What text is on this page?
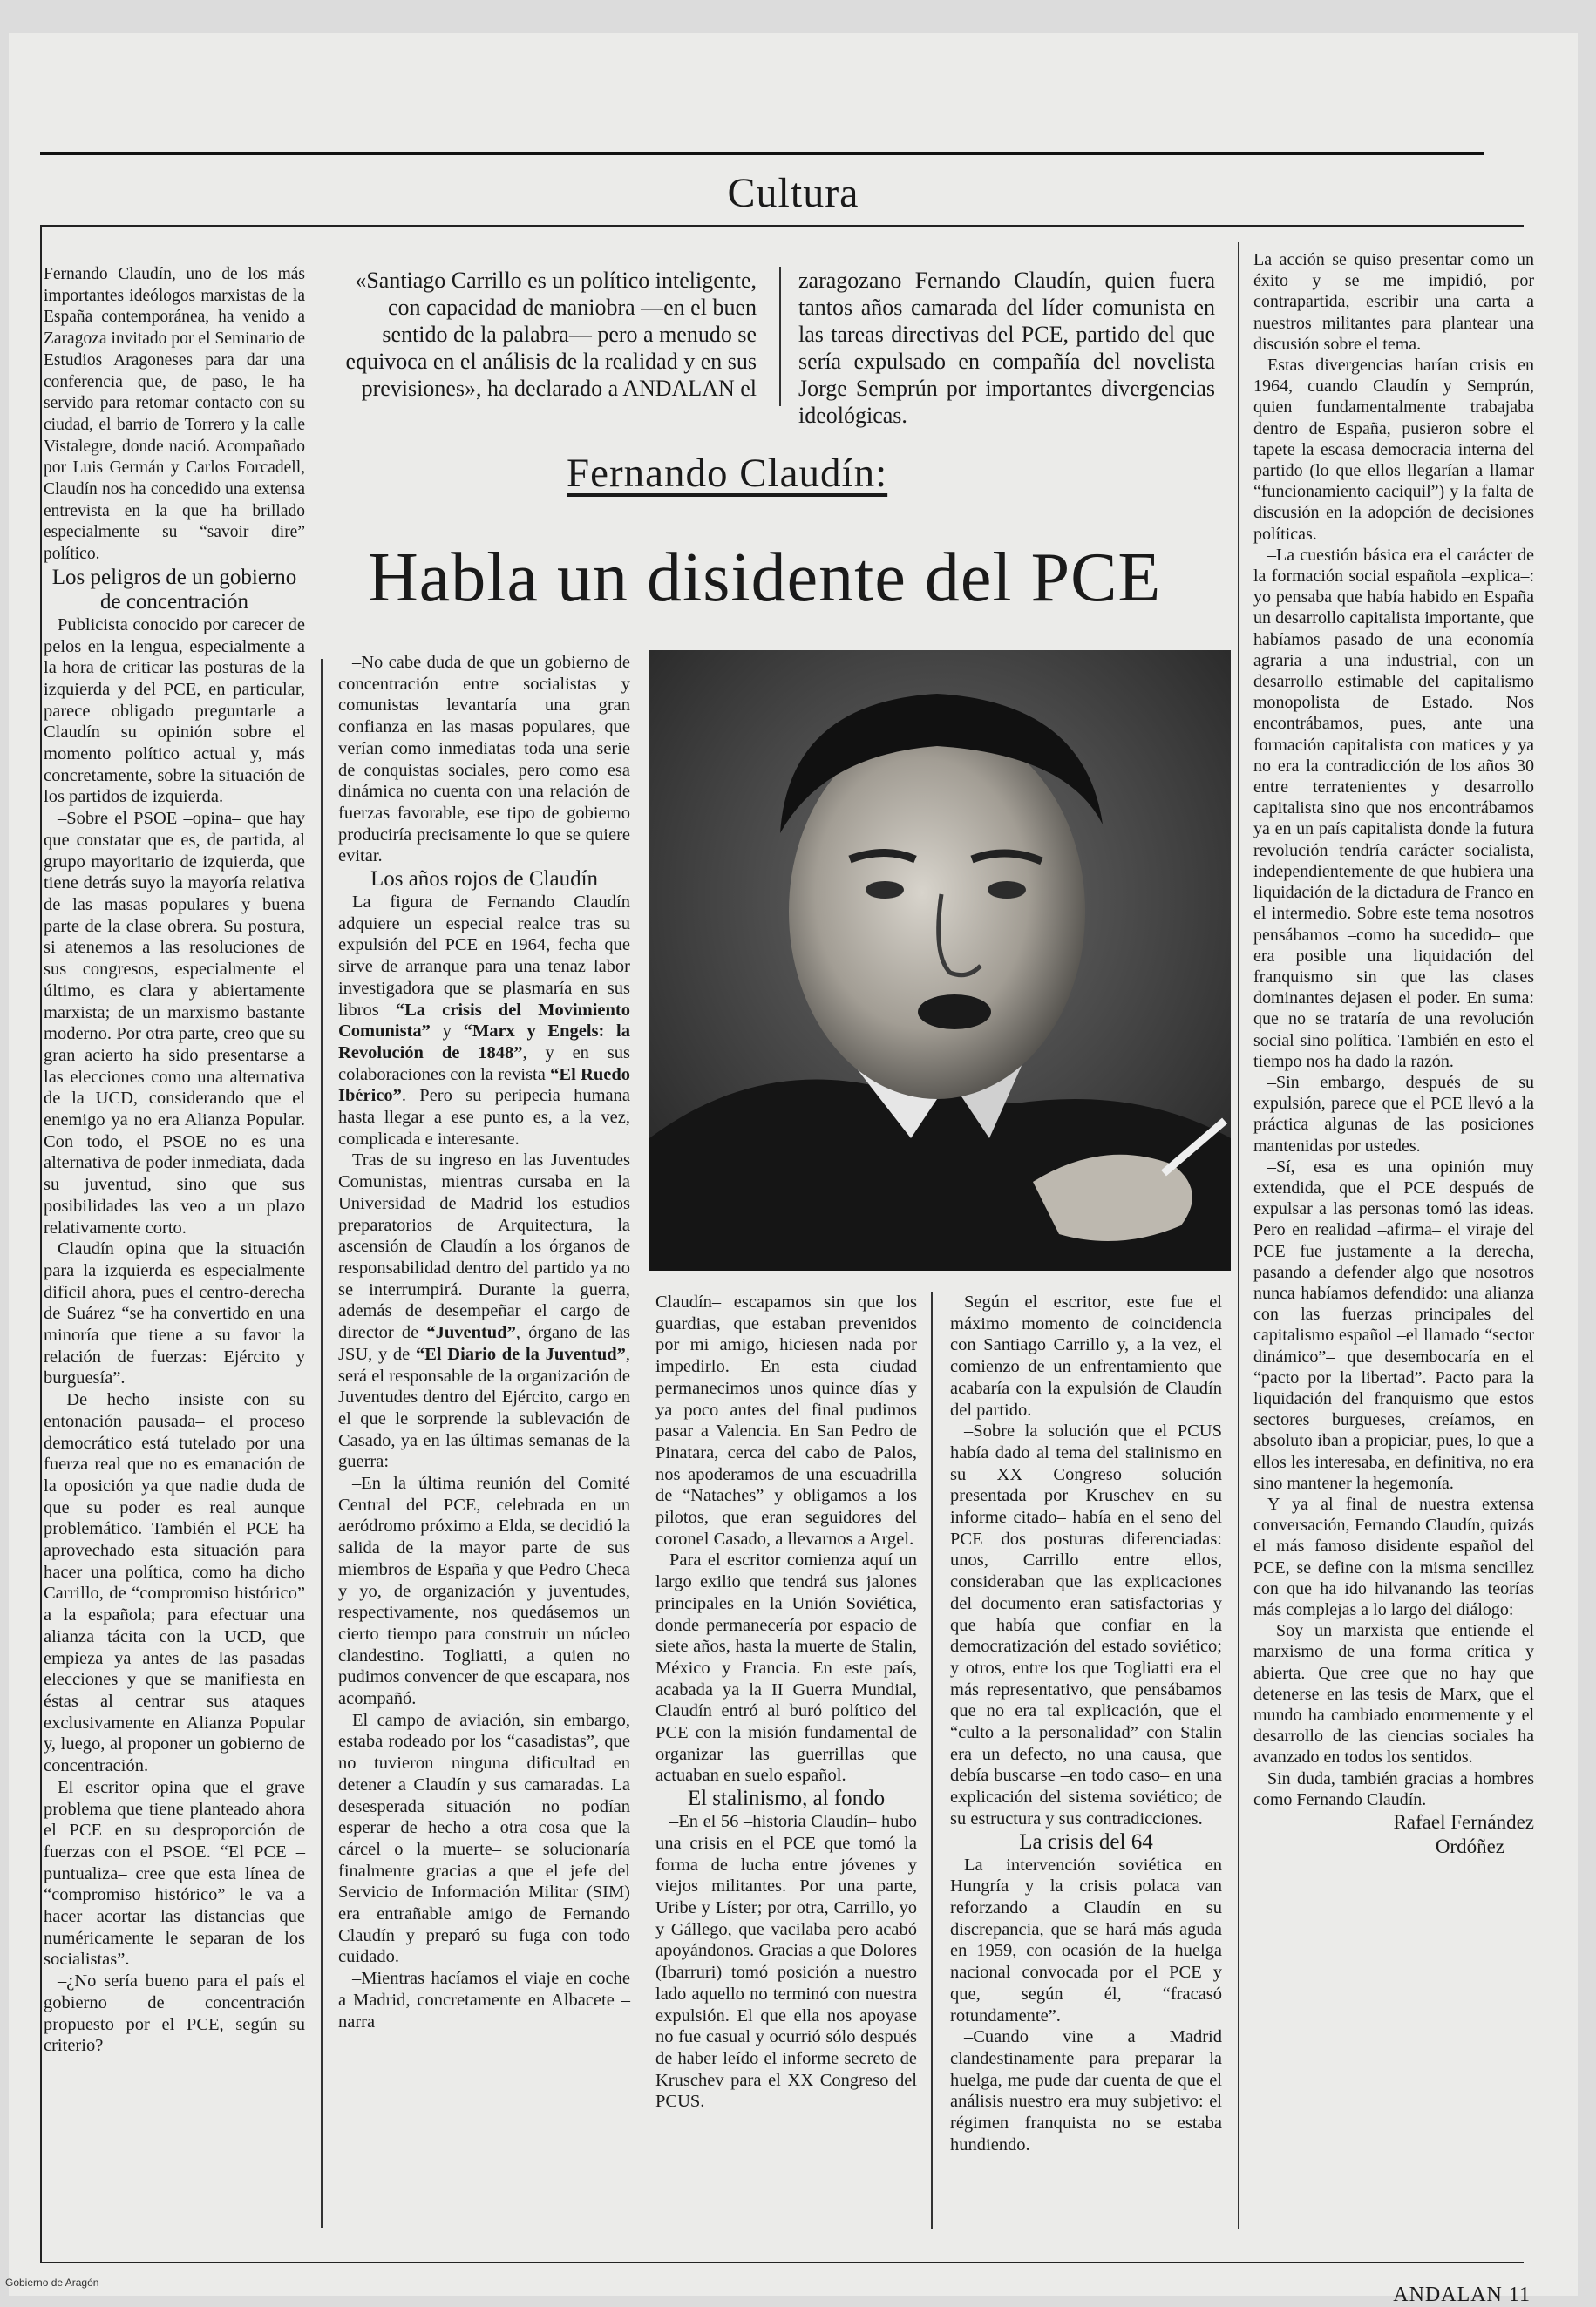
Cultura

Fernando Claudín, uno de los más importantes ideólogos marxistas de la España contemporánea, ha venido a Zaragoza invitado por el Seminario de Estudios Aragoneses para dar una conferencia que, de paso, le ha servido para retomar contacto con su ciudad, el barrio de Torrero y la calle Vistalegre, donde nació. Acompañado por Luis Germán y Carlos Forcadell, Claudín nos ha concedido una extensa entrevista en la que ha brillado especialmente su “savoir dire” político.

Los peligros de un gobierno de concentración

Publicista conocido por carecer de pelos en la lengua, especialmente a la hora de criticar las posturas de la izquierda y del PCE, en particular, parece obligado preguntarle a Claudín su opinión sobre el momento político actual y, más concretamente, sobre la situación de los partidos de izquierda.

–Sobre el PSOE –opina– que hay que constatar que es, de partida, al grupo mayoritario de izquierda, que tiene detrás suyo la mayoría relativa de las masas populares y buena parte de la clase obrera. Su postura, si atenemos a las resoluciones de sus congresos, especialmente el último, es clara y abiertamente marxista; de un marxismo bastante moderno. Por otra parte, creo que su gran acierto ha sido presentarse a las elecciones como una alternativa de la UCD, considerando que el enemigo ya no era Alianza Popular. Con todo, el PSOE no es una alternativa de poder inmediata, dada su juventud, sino que sus posibilidades las veo a un plazo relativamente corto.

Claudín opina que la situación para la izquierda es especialmente difícil ahora, pues el centro-derecha de Suárez “se ha convertido en una minoría que tiene a su favor la relación de fuerzas: Ejército y burguesía”.

–De hecho –insiste con su entonación pausada– el proceso democrático está tutelado por una fuerza real que no es emanación de la oposición ya que nadie duda de que su poder es real aunque problemático. También el PCE ha aprovechado esta situación para hacer una política, como ha dicho Carrillo, de “compromiso histórico” a la española; para efectuar una alianza tácita con la UCD, que empieza ya antes de las pasadas elecciones y que se manifiesta en éstas al centrar sus ataques exclusivamente en Alianza Popular y, luego, al proponer un gobierno de concentración.

El escritor opina que el grave problema que tiene planteado ahora el PCE en su desproporción de fuerzas con el PSOE. “El PCE –puntualiza– cree que esta línea de “compromiso histórico” le va a hacer acortar las distancias que numéricamente le separan de los socialistas”.

–¿No sería bueno para el país el gobierno de concentración propuesto por el PCE, según su criterio?

«Santiago Carrillo es un político inteligente, con capacidad de maniobra —en el buen sentido de la palabra— pero a menudo se equivoca en el análisis de la realidad y en sus previsiones», ha declarado a ANDALAN el
zaragozano Fernando Claudín, quien fuera tantos años camarada del líder comunista en las tareas directivas del PCE, partido del que sería expulsado en compañía del novelista Jorge Semprún por importantes divergencias ideológicas.
Fernando Claudín:
Habla un disidente del PCE

–No cabe duda de que un gobierno de concentración entre socialistas y comunistas levantaría una gran confianza en las masas populares, que verían como inmediatas toda una serie de conquistas sociales, pero como esa dinámica no cuenta con una relación de fuerzas favorable, ese tipo de gobierno produciría precisamente lo que se quiere evitar.

Los años rojos de Claudín

La figura de Fernando Claudín adquiere un especial realce tras su expulsión del PCE en 1964, fecha que sirve de arranque para una tenaz labor investigadora que se plasmaría en sus libros “La crisis del Movimiento Comunista” y “Marx y Engels: la Revolución de 1848”, y en sus colaboraciones con la revista “El Ruedo Ibérico”. Pero su peripecia humana hasta llegar a ese punto es, a la vez, complicada e interesante.

Tras de su ingreso en las Juventudes Comunistas, mientras cursaba en la Universidad de Madrid los estudios preparatorios de Arquitectura, la ascensión de Claudín a los órganos de responsabilidad dentro del partido ya no se interrumpirá. Durante la guerra, además de desempeñar el cargo de director de “Juventud”, órgano de las JSU, y de “El Diario de la Juventud”, será el responsable de la organización de Juventudes dentro del Ejército, cargo en el que le sorprende la sublevación de Casado, ya en las últimas semanas de la guerra:

–En la última reunión del Comité Central del PCE, celebrada en un aeródromo próximo a Elda, se decidió la salida de la mayor parte de sus miembros de España y que Pedro Checa y yo, de organización y juventudes, respectivamente, nos quedásemos un cierto tiempo para construir un núcleo clandestino. Togliatti, a quien no pudimos convencer de que escapara, nos acompañó.

El campo de aviación, sin embargo, estaba rodeado por los “casadistas”, que no tuvieron ninguna dificultad en detener a Claudín y sus camaradas. La desesperada situación –no podían esperar de hecho a otra cosa que la cárcel o la muerte– se solucionaría finalmente gracias a que el jefe del Servicio de Información Militar (SIM) era entrañable amigo de Fernando Claudín y preparó su fuga con todo cuidado.

–Mientras hacíamos el viaje en coche a Madrid, concretamente en Albacete –narra

Claudín– escapamos sin que los guardias, que estaban prevenidos por mi amigo, hiciesen nada por impedirlo. En esta ciudad permanecimos unos quince días y ya poco antes del final pudimos pasar a Valencia. En San Pedro de Pinatara, cerca del cabo de Palos, nos apoderamos de una escuadrilla de “Nataches” y obligamos a los pilotos, que eran seguidores del coronel Casado, a llevarnos a Argel.

Para el escritor comienza aquí un largo exilio que tendrá sus jalones principales en la Unión Soviética, donde permanecería por espacio de siete años, hasta la muerte de Stalin, México y Francia. En este país, acabada ya la II Guerra Mundial, Claudín entró al buró político del PCE con la misión fundamental de organizar las guerrillas que actuaban en suelo español.

El stalinismo, al fondo

–En el 56 –historia Claudín– hubo una crisis en el PCE que tomó la forma de lucha entre jóvenes y viejos militantes. Por una parte, Uribe y Líster; por otra, Carrillo, yo y Gállego, que vacilaba pero acabó apoyándonos. Gracias a que Dolores (Ibarruri) tomó posición a nuestro lado aquello no terminó con nuestra expulsión. El que ella nos apoyase no fue casual y ocurrió sólo después de haber leído el informe secreto de Kruschev para el XX Congreso del PCUS.

Según el escritor, este fue el máximo momento de coincidencia con Santiago Carrillo y, a la vez, el comienzo de un enfrentamiento que acabaría con la expulsión de Claudín del partido.

–Sobre la solución que el PCUS había dado al tema del stalinismo en su XX Congreso –solución presentada por Kruschev en su informe citado– había en el seno del PCE dos posturas diferenciadas: unos, Carrillo entre ellos, consideraban que las explicaciones del documento eran satisfactorias y que había que confiar en la democratización del estado soviético; y otros, entre los que Togliatti era el más representativo, que pensábamos que no era tal explicación, que el “culto a la personalidad” con Stalin era un defecto, no una causa, que debía buscarse –en todo caso– en una explicación del sistema soviético; de su estructura y sus contradicciones.

La crisis del 64

La intervención soviética en Hungría y la crisis polaca van reforzando a Claudín en su discrepancia, que se hará más aguda en 1959, con ocasión de la huelga nacional convocada por el PCE y que, según él, “fracasó rotundamente”.

–Cuando vine a Madrid clandestinamente para preparar la huelga, me pude dar cuenta de que el análisis nuestro era muy subjetivo: el régimen franquista no se estaba hundiendo.

La acción se quiso presentar como un éxito y se me impidió, por contrapartida, escribir una carta a nuestros militantes para plantear una discusión sobre el tema.

Estas divergencias harían crisis en 1964, cuando Claudín y Semprún, quien fundamentalmente trabajaba dentro de España, pusieron sobre el tapete la escasa democracia interna del partido (lo que ellos llegarían a llamar “funcionamiento caciquil”) y la falta de discusión en la adopción de decisiones políticas.

–La cuestión básica era el carácter de la formación social española –explica–: yo pensaba que había habido en España un desarrollo capitalista importante, que habíamos pasado de una economía agraria a una industrial, con un desarrollo estimable del capitalismo monopolista de Estado. Nos encontrábamos, pues, ante una formación capitalista con matices y ya no era la contradicción de los años 30 entre terratenientes y desarrollo capitalista sino que nos encontrábamos ya en un país capitalista donde la futura revolución tendría carácter socialista, independientemente de que hubiera una liquidación de la dictadura de Franco en el intermedio. Sobre este tema nosotros pensábamos –como ha sucedido– que era posible una liquidación del franquismo sin que las clases dominantes dejasen el poder. En suma: que no se trataría de una revolución social sino política. También en esto el tiempo nos ha dado la razón.

–Sin embargo, después de su expulsión, parece que el PCE llevó a la práctica algunas de las posiciones mantenidas por ustedes.

–Sí, esa es una opinión muy extendida, que el PCE después de expulsar a las personas tomó las ideas. Pero en realidad –afirma– el viraje del PCE fue justamente a la derecha, pasando a defender algo que nosotros nunca habíamos defendido: una alianza con las fuerzas principales del capitalismo español –el llamado “sector dinámico”– que desembocaría en el “pacto por la libertad”. Pacto para la liquidación del franquismo que estos sectores burgueses, creíamos, en absoluto iban a propiciar, pues, lo que a ellos les interesaba, en definitiva, no era sino mantener la hegemonía.

Y ya al final de nuestra extensa conversación, Fernando Claudín, quizás el más famoso disidente español del PCE, se define con la misma sencillez con que ha ido hilvanando las teorías más complejas a lo largo del diálogo:

–Soy un marxista que entiende el marxismo de una forma crítica y abierta. Que cree que no hay que detenerse en las tesis de Marx, que el mundo ha cambiado enormemente y el desarrollo de las ciencias sociales ha avanzado en todos los sentidos.

Sin duda, también gracias a hombres como Fernando Claudín.

Rafael Fernández
Ordóñez

ANDALAN 11
Gobierno de Aragón
